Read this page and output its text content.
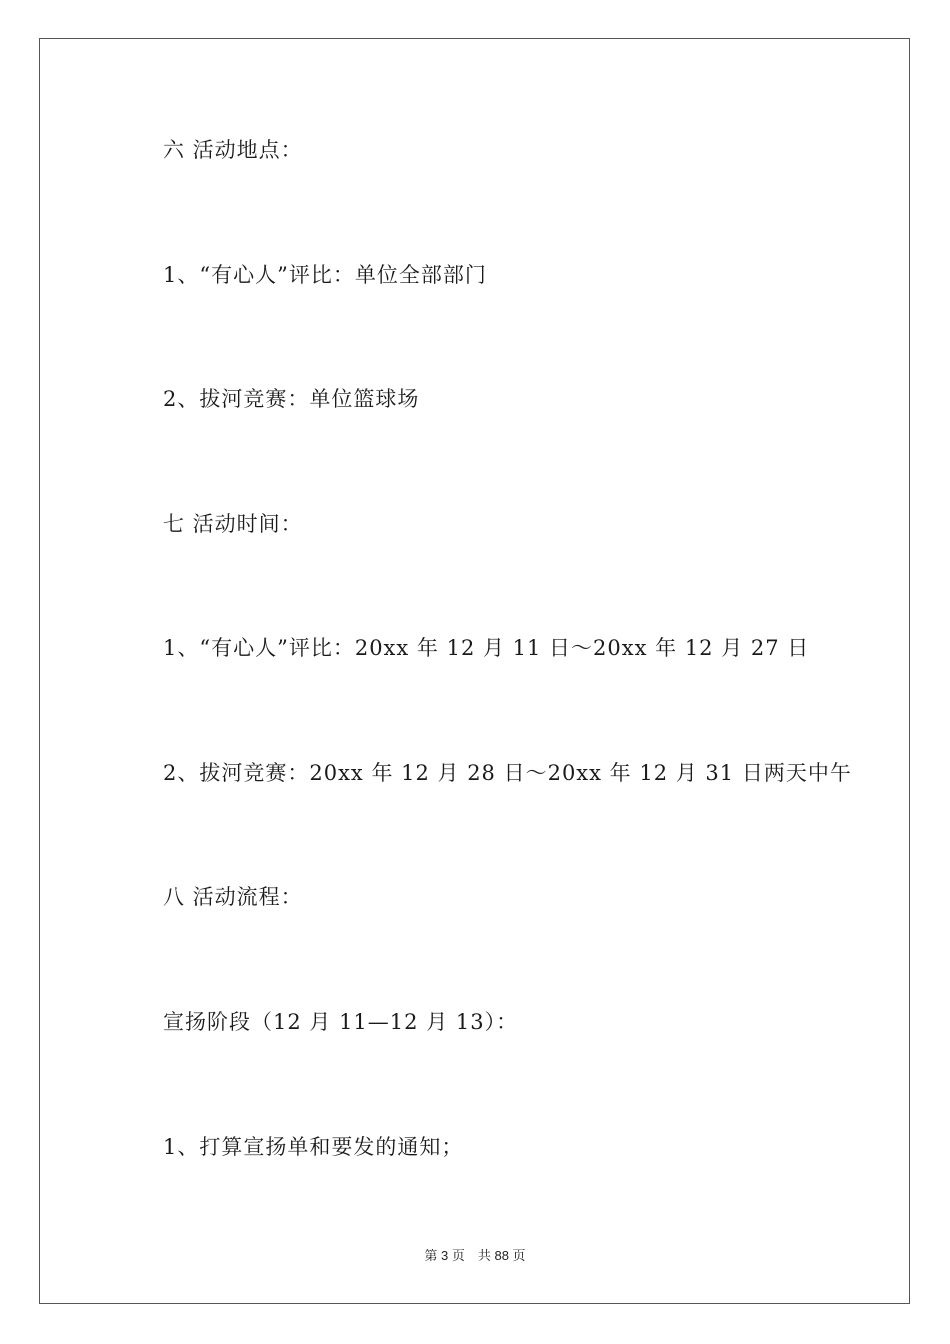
六 活动地点：
1、“有心人”评比：单位全部部门
2、拔河竞赛：单位篮球场
七 活动时间：
1、“有心人”评比：20xx 年 12 月 11 日～20xx 年 12 月 27 日
2、拔河竞赛：20xx 年 12 月 28 日～20xx 年 12 月 31 日两天中午
八 活动流程：
宣扬阶段（12 月 11—12 月 13）：
1、打算宣扬单和要发的通知；
第 3 页　共 88 页
